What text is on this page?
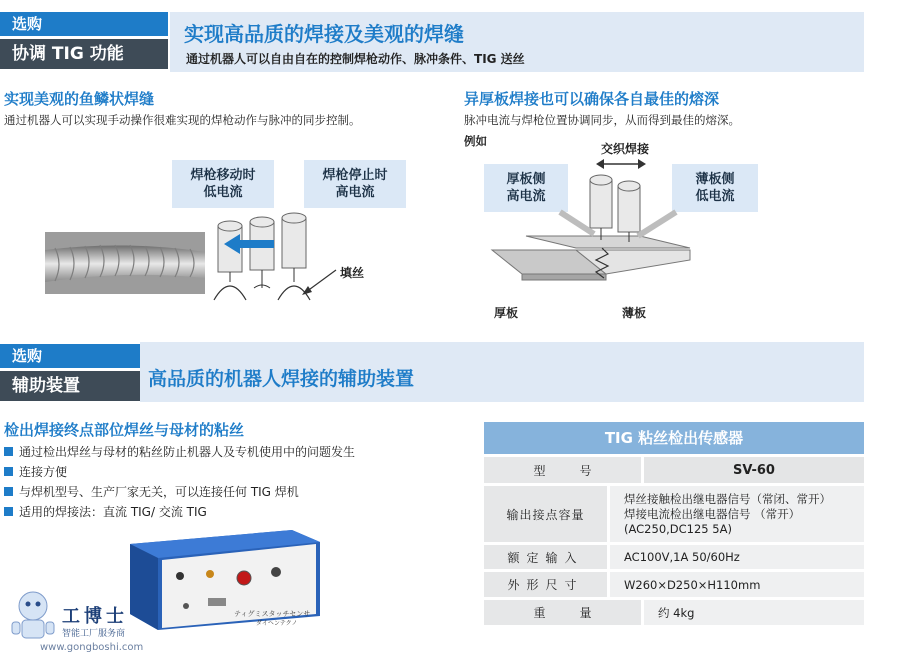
选购
协调 TIG 功能
实现高品质的焊接及美观的焊缝
通过机器人可以自由自在的控制焊枪动作、脉冲条件、TIG 送丝
实现美观的鱼鳞状焊缝
通过机器人可以实现手动操作很难实现的焊枪动作与脉冲的同步控制。
焊枪移动时
低电流
焊枪停止时
高电流
填丝
异厚板焊接也可以确保各自最佳的熔深
脉冲电流与焊枪位置协调同步，从而得到最佳的熔深。
例如
交织焊接
厚板侧
高电流
薄板侧
低电流
厚板	薄板
选购
辅助装置	高品质的机器人焊接的辅助装置
检出焊接终点部位焊丝与母材的粘丝
通过检出焊丝与母材的粘丝防止机器人及专机使用中的问题发生
连接方便
与焊机型号、生产厂家无关，可以连接任何 TIG 焊机
适用的焊接法：直流 TIG/ 交流 TIG
ティグミスタッチセンサ
ダイヘンテクノ
TIG 粘丝检出传感器
型号	SV-60
输出接点容量
焊丝接触检出继电器信号（常闭、常开）
焊接电流检出继电器信号 （常开）
(AC250,DC125 5A)
额定输入	AC100V,1A 50/60Hz
外形尺寸	W260×D250×H110mm
重量	约 4kg
工博士
智能工厂服务商
www.gongboshi.com
